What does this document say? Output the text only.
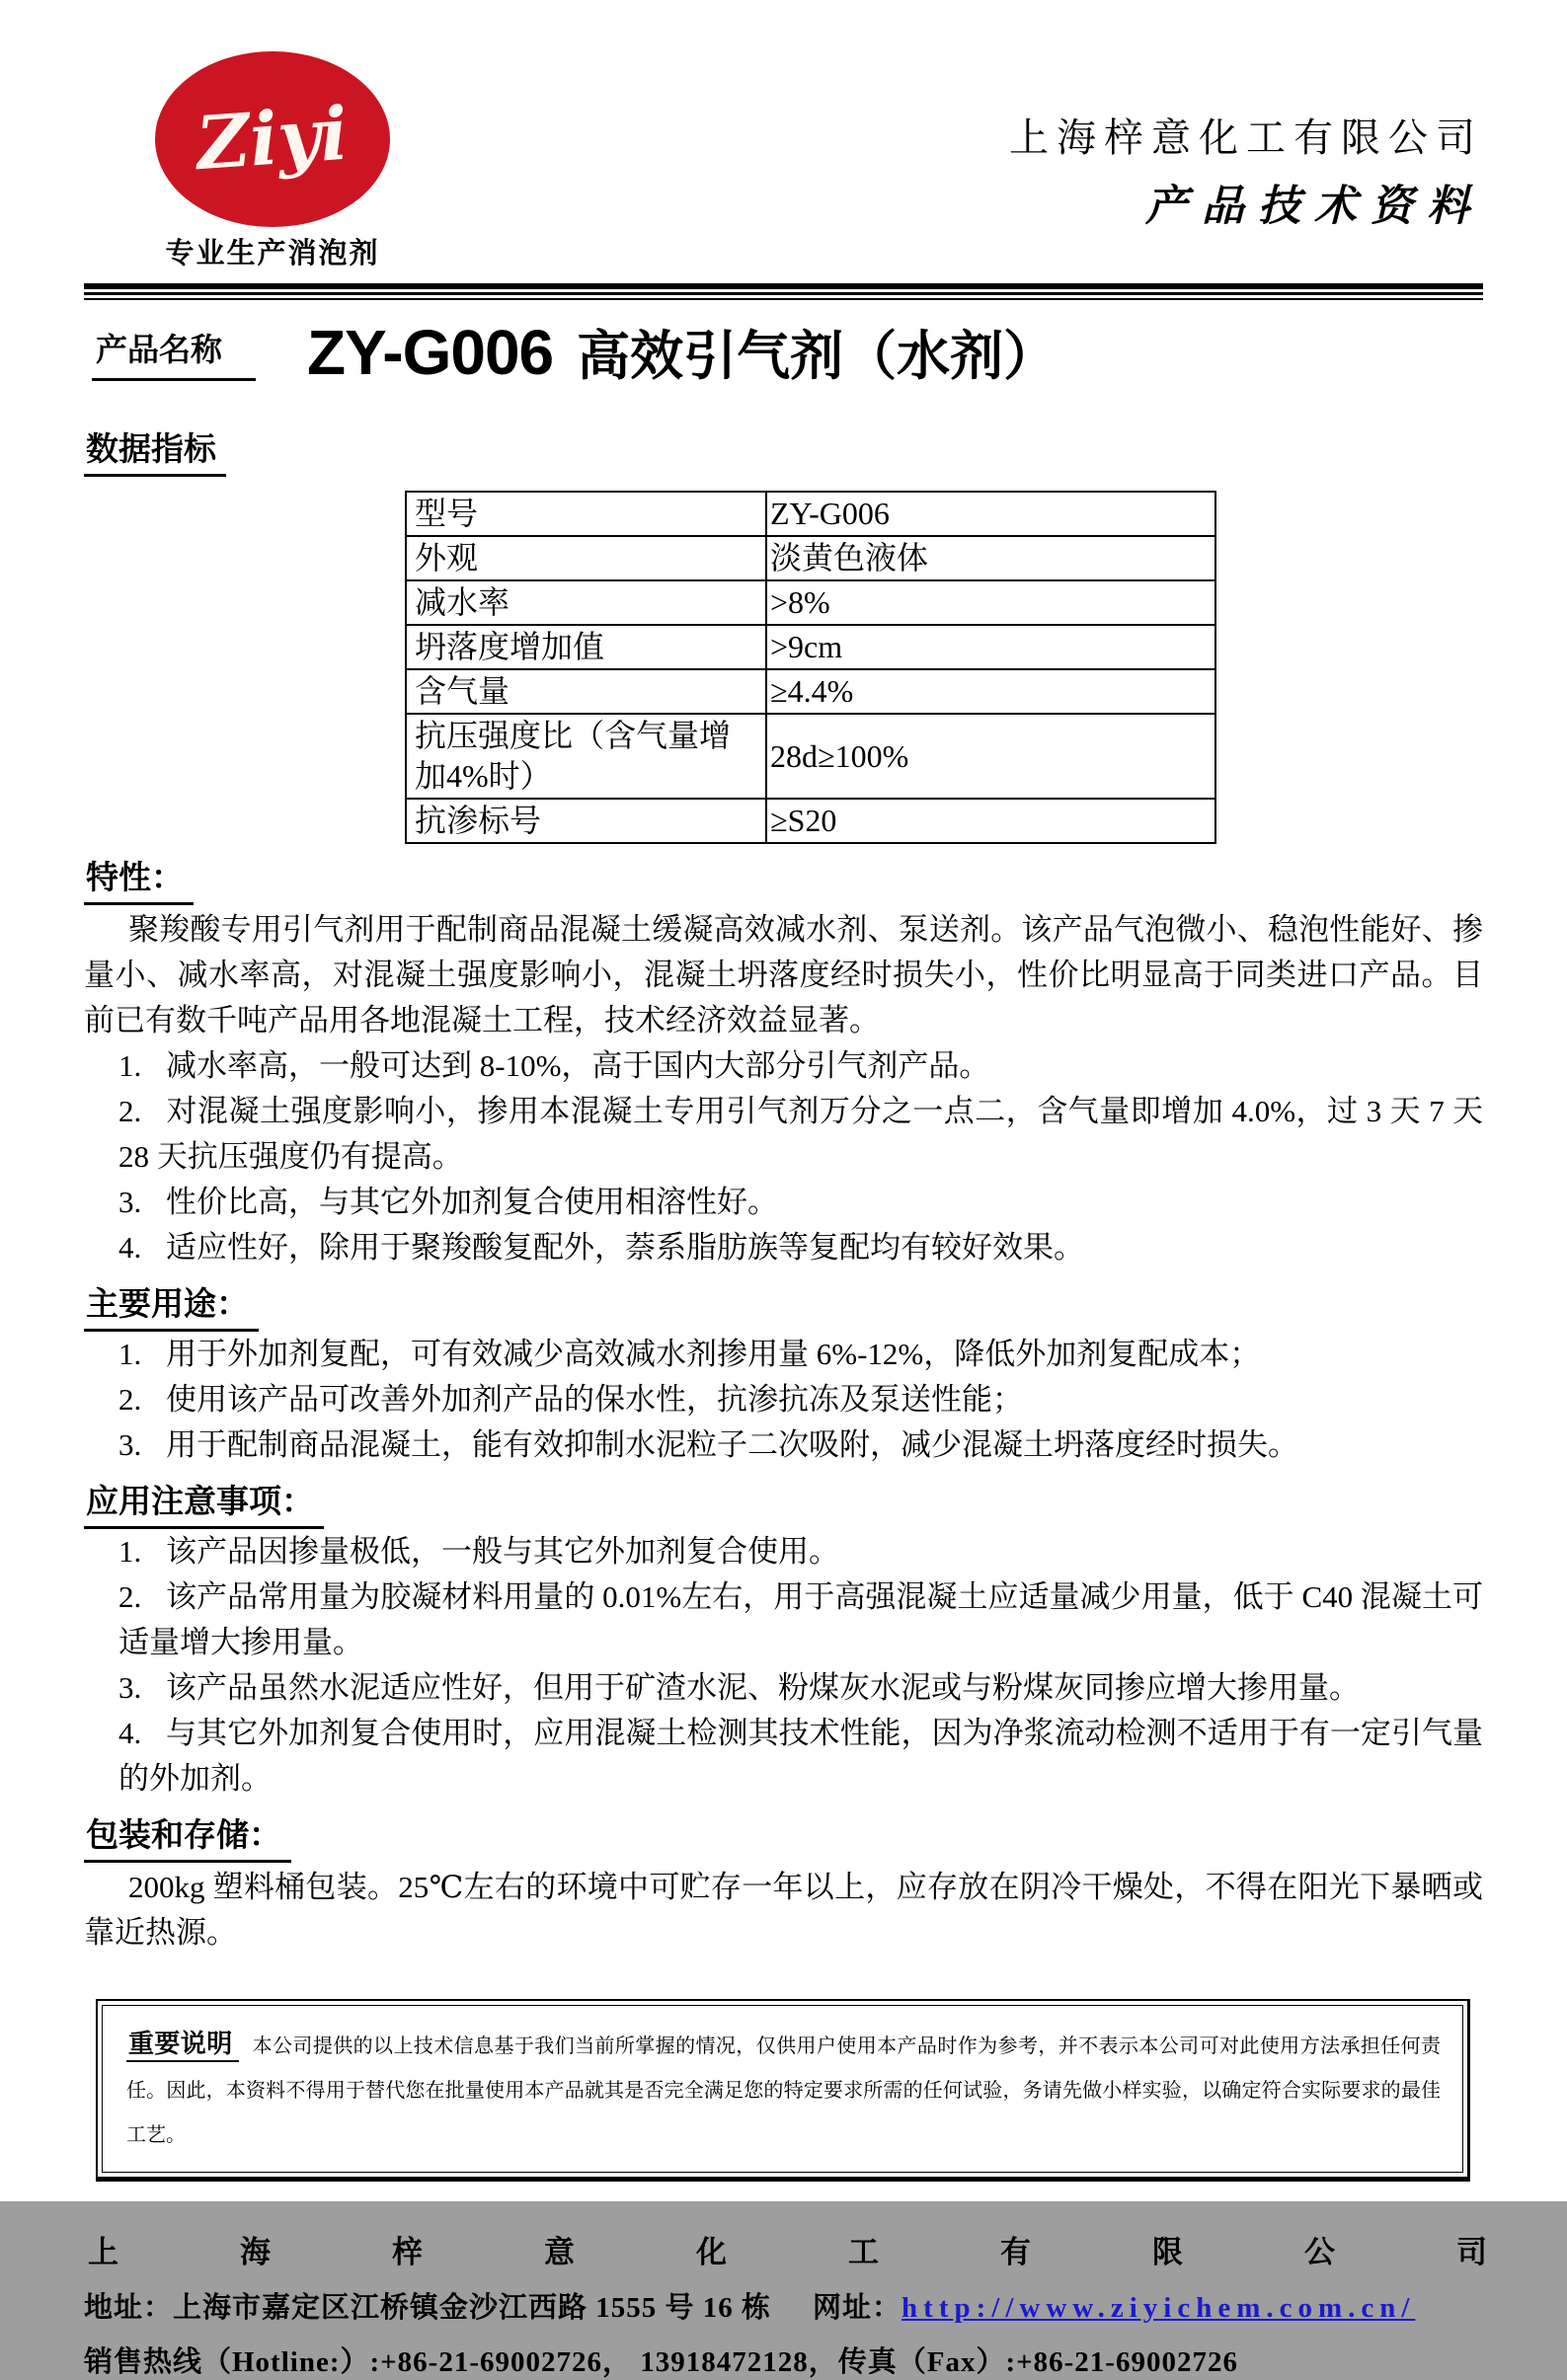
Ziyi
专业生产消泡剂
上海梓意化工有限公司
产品技术资料
产品名称	ZY-G006 高效引气剂（水剂）
数据指标
型号	ZY-G006
外观	淡黄色液体
减水率	>8%
坍落度增加值	>9cm
含气量	≥4.4%
抗压强度比（含气量增加4%时）	28d≥100%
抗渗标号	≥S20
特性：
聚羧酸专用引气剂用于配制商品混凝土缓凝高效减水剂、泵送剂。该产品气泡微小、稳泡性能好、掺量小、减水率高，对混凝土强度影响小，混凝土坍落度经时损失小，性价比明显高于同类进口产品。目前已有数千吨产品用各地混凝土工程，技术经济效益显著。
1. 减水率高，一般可达到 8-10%，高于国内大部分引气剂产品。
2. 对混凝土强度影响小，掺用本混凝土专用引气剂万分之一点二，含气量即增加 4.0%，过 3 天 7 天 28 天抗压强度仍有提高。
3. 性价比高，与其它外加剂复合使用相溶性好。
4. 适应性好，除用于聚羧酸复配外，萘系脂肪族等复配均有较好效果。
主要用途：
1. 用于外加剂复配，可有效减少高效减水剂掺用量 6%-12%，降低外加剂复配成本；
2. 使用该产品可改善外加剂产品的保水性，抗渗抗冻及泵送性能；
3. 用于配制商品混凝土，能有效抑制水泥粒子二次吸附，减少混凝土坍落度经时损失。
应用注意事项：
1. 该产品因掺量极低，一般与其它外加剂复合使用。
2. 该产品常用量为胶凝材料用量的 0.01%左右，用于高强混凝土应适量减少用量，低于 C40 混凝土可适量增大掺用量。
3. 该产品虽然水泥适应性好，但用于矿渣水泥、粉煤灰水泥或与粉煤灰同掺应增大掺用量。
4. 与其它外加剂复合使用时，应用混凝土检测其技术性能，因为净浆流动检测不适用于有一定引气量的外加剂。
包装和存储：
200kg 塑料桶包装。25℃左右的环境中可贮存一年以上，应存放在阴冷干燥处，不得在阳光下暴晒或靠近热源。
重要说明 本公司提供的以上技术信息基于我们当前所掌握的情况，仅供用户使用本产品时作为参考，并不表示本公司可对此使用方法承担任何责任。因此，本资料不得用于替代您在批量使用本产品就其是否完全满足您的特定要求所需的任何试验，务请先做小样实验，以确定符合实际要求的最佳工艺。
上 海 梓 意 化 工 有 限 公 司
地址：上海市嘉定区江桥镇金沙江西路 1555 号 16 栋 网址：http://www.ziyichem.com.cn/
销售热线（Hotline:）:+86-21-69002726， 13918472128，传真（Fax）:+86-21-69002726
